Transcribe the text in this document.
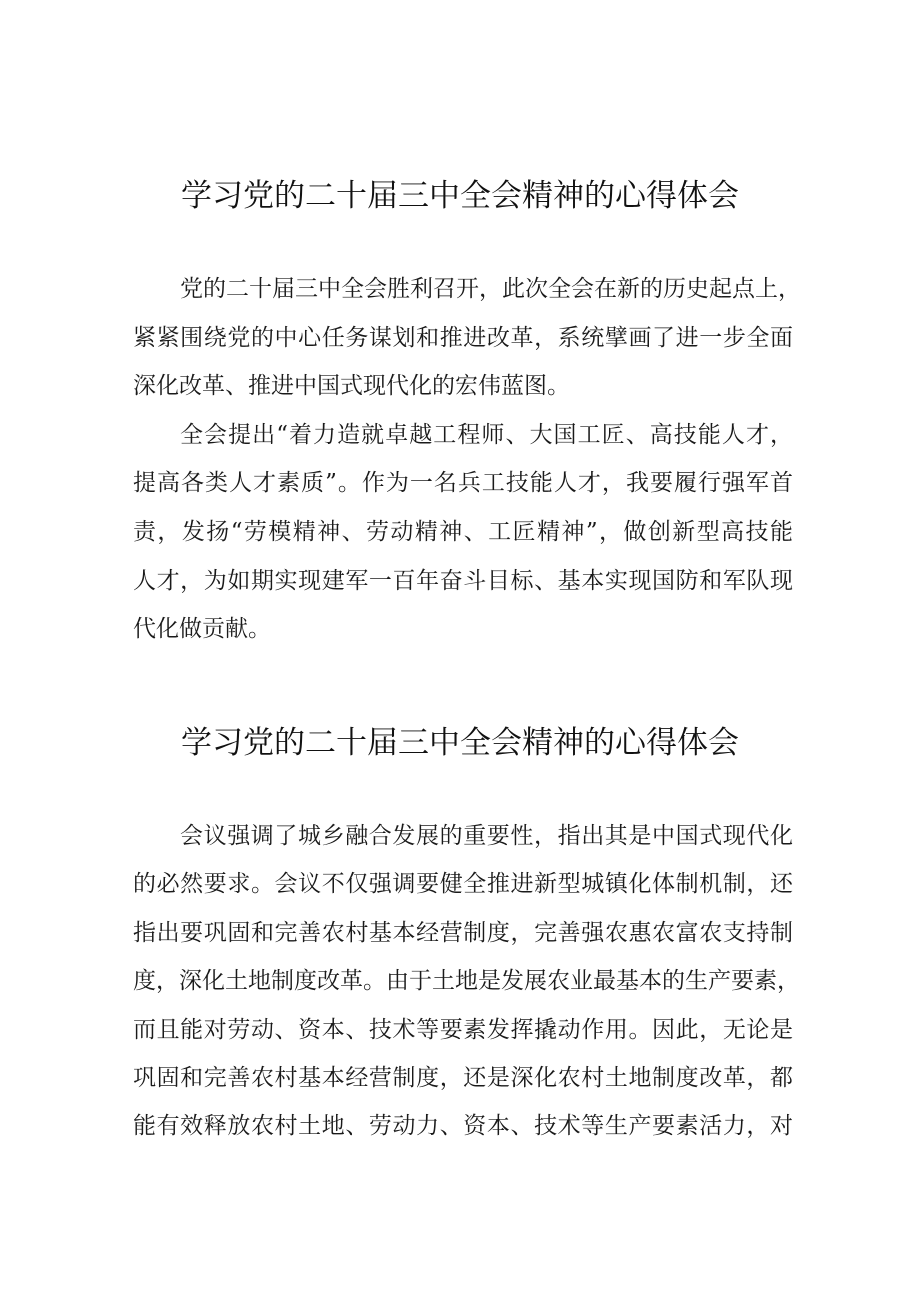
学习党的二十届三中全会精神的心得体会
党的二十届三中全会胜利召开，此次全会在新的历史起点上，
紧紧围绕党的中心任务谋划和推进改革，系统擘画了进一步全面
深化改革、推进中国式现代化的宏伟蓝图。
全会提出“着力造就卓越工程师、大国工匠、高技能人才，
提高各类人才素质”。作为一名兵工技能人才，我要履行强军首
责，发扬“劳模精神、劳动精神、工匠精神”，做创新型高技能
人才，为如期实现建军一百年奋斗目标、基本实现国防和军队现
代化做贡献。
学习党的二十届三中全会精神的心得体会
会议强调了城乡融合发展的重要性，指出其是中国式现代化
的必然要求。会议不仅强调要健全推进新型城镇化体制机制，还
指出要巩固和完善农村基本经营制度，完善强农惠农富农支持制
度，深化土地制度改革。由于土地是发展农业最基本的生产要素，
而且能对劳动、资本、技术等要素发挥撬动作用。因此，无论是
巩固和完善农村基本经营制度，还是深化农村土地制度改革，都
能有效释放农村土地、劳动力、资本、技术等生产要素活力，对
